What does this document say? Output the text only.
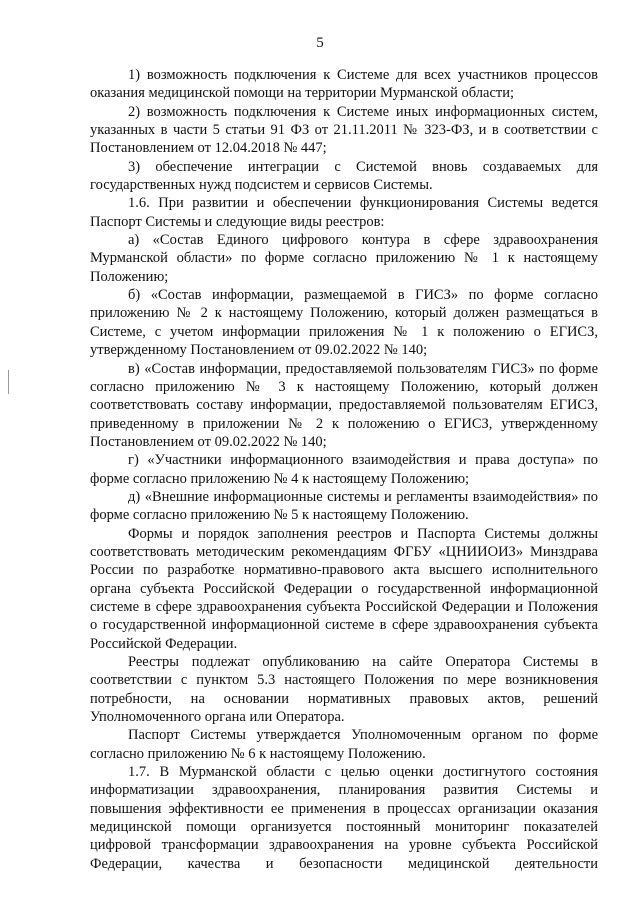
5

1) возможность подключения к Системе для всех участников процессов оказания медицинской помощи на территории Мурманской области;

2) возможность подключения к Системе иных информационных систем, указанных в части 5 статьи 91 ФЗ от 21.11.2011 № 323-ФЗ, и в соответствии с Постановлением от 12.04.2018 № 447;

3) обеспечение интеграции с Системой вновь создаваемых для государственных нужд подсистем и сервисов Системы.

1.6. При развитии и обеспечении функционирования Системы ведется Паспорт Системы и следующие виды реестров:

а) «Состав Единого цифрового контура в сфере здравоохранения Мурманской области» по форме согласно приложению № 1 к настоящему Положению;

б) «Состав информации, размещаемой в ГИСЗ» по форме согласно приложению № 2 к настоящему Положению, который должен размещаться в Системе, с учетом информации приложения № 1 к положению о ЕГИСЗ, утвержденному Постановлением от 09.02.2022 № 140;

в) «Состав информации, предоставляемой пользователям ГИСЗ» по форме согласно приложению № 3 к настоящему Положению, который должен соответствовать составу информации, предоставляемой пользователям ЕГИСЗ, приведенному в приложении № 2 к положению о ЕГИСЗ, утвержденному Постановлением от 09.02.2022 № 140;

г) «Участники информационного взаимодействия и права доступа» по форме согласно приложению № 4 к настоящему Положению;

д) «Внешние информационные системы и регламенты взаимодействия» по форме согласно приложению № 5 к настоящему Положению.

Формы и порядок заполнения реестров и Паспорта Системы должны соответствовать методическим рекомендациям ФГБУ «ЦНИИОИЗ» Минздрава России по разработке нормативно-правового акта высшего исполнительного органа субъекта Российской Федерации о государственной информационной системе в сфере здравоохранения субъекта Российской Федерации и Положения о государственной информационной системе в сфере здравоохранения субъекта Российской Федерации.

Реестры подлежат опубликованию на сайте Оператора Системы в соответствии с пунктом 5.3 настоящего Положения по мере возникновения потребности, на основании нормативных правовых актов, решений Уполномоченного органа или Оператора.

Паспорт Системы утверждается Уполномоченным органом по форме согласно приложению № 6 к настоящему Положению.

1.7. В Мурманской области с целью оценки достигнутого состояния информатизации здравоохранения, планирования развития Системы и повышения эффективности ее применения в процессах организации оказания медицинской помощи организуется постоянный мониторинг показателей цифровой трансформации здравоохранения на уровне субъекта Российской Федерации, качества и безопасности медицинской деятельности
